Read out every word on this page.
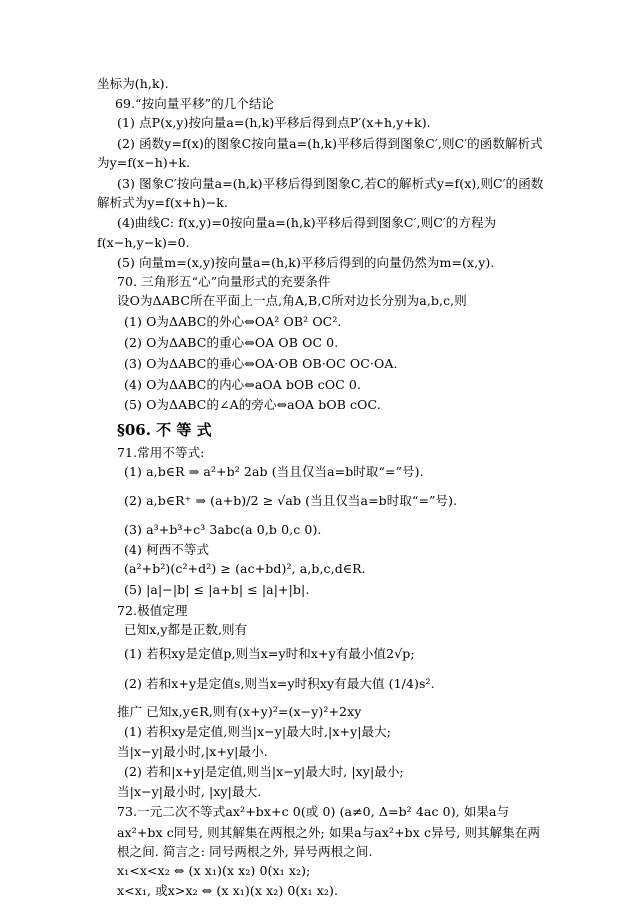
坐标为(h,k).
69.“按向量平移”的几个结论
(1) 点P(x,y)按向量a=(h,k)平移后得到点P′(x+h,y+k).
(2) 函数y=f(x)的图象C按向量a=(h,k)平移后得到图象C′,则C′的函数解析式
为y=f(x−h)+k.
(3) 图象C′按向量a=(h,k)平移后得到图象C,若C的解析式y=f(x),则C′的函数
解析式为y=f(x+h)−k.
(4)曲线C: f(x,y)=0按向量a=(h,k)平移后得到图象C′,则C′的方程为
f(x−h,y−k)=0.
(5) 向量m=(x,y)按向量a=(h,k)平移后得到的向量仍然为m=(x,y).
70. 三角形五“心”向量形式的充要条件
设O为ΔABC所在平面上一点,角A,B,C所对边长分别为a,b,c,则
(1) O为ΔABC的外心⇔OA² OB² OC².
(2) O为ΔABC的重心⇔OA OB OC 0.
(3) O为ΔABC的垂心⇔OA·OB OB·OC OC·OA.
(4) O为ΔABC的内心⇔aOA bOB cOC 0.
(5) O为ΔABC的∠A的旁心⇔aOA bOB cOC.
§06. 不 等 式
71.常用不等式:
(1) a,b∈R ⇒ a²+b² 2ab (当且仅当a=b时取“=”号).
(2) a,b∈R⁺ ⇒ (a+b)/2 ≥ √ab (当且仅当a=b时取“=”号).
(3) a³+b³+c³ 3abc(a 0,b 0,c 0).
(4) 柯西不等式
(a²+b²)(c²+d²) ≥ (ac+bd)², a,b,c,d∈R.
(5) |a|−|b| ≤ |a+b| ≤ |a|+|b|.
72.极值定理
已知x,y都是正数,则有
(1) 若积xy是定值p,则当x=y时和x+y有最小值2√p;
(2) 若和x+y是定值s,则当x=y时积xy有最大值 (1/4)s².
推广 已知x,y∈R,则有(x+y)²=(x−y)²+2xy
(1) 若积xy是定值,则当|x−y|最大时,|x+y|最大;
当|x−y|最小时,|x+y|最小.
(2) 若和|x+y|是定值,则当|x−y|最大时, |xy|最小;
当|x−y|最小时, |xy|最大.
73.一元二次不等式ax²+bx+c 0(或 0) (a≠0, Δ=b² 4ac 0), 如果a与
ax²+bx c同号, 则其解集在两根之外; 如果a与ax²+bx c异号, 则其解集在两
根之间. 简言之: 同号两根之外, 异号两根之间.
x₁<x<x₂ ⇔ (x x₁)(x x₂) 0(x₁ x₂);
x<x₁, 或x>x₂ ⇔ (x x₁)(x x₂) 0(x₁ x₂).
